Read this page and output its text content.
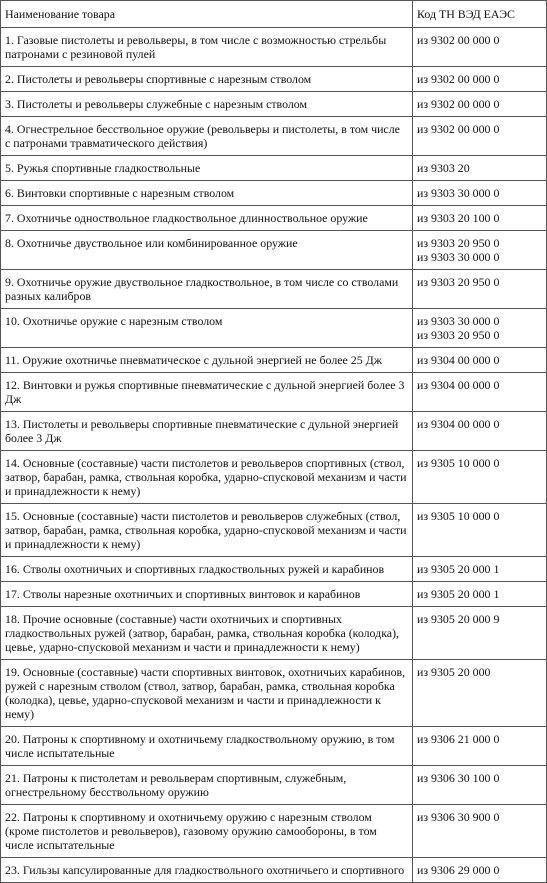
Наименование товара	Код ТН ВЭД ЕАЭС
1. Газовые пистолеты и револьверы, в том числе с возможностью стрельбы патронами с резиновой пулей	из 9302 00 000 0

2. Пистолеты и револьверы спортивные с нарезным стволом	из 9302 00 000 0

3. Пистолеты и револьверы служебные с нарезным стволом	из 9302 00 000 0

4. Огнестрельное бесствольное оружие (револьверы и пистолеты, в том числе с патронами травматического действия)	из 9302 00 000 0

5. Ружья спортивные гладкоствольные	из 9303 20

6. Винтовки спортивные с нарезным стволом	из 9303 30 000 0

7. Охотничье одноствольное гладкоствольное длинноствольное оружие	из 9303 20 100 0

8. Охотничье двуствольное или комбинированное оружие	из 9303 20 950 0
из 9303 30 000 0

9. Охотничье оружие двуствольное гладкоствольное, в том числе со стволами разных калибров	из 9303 20 950 0

10. Охотничье оружие с нарезным стволом	из 9303 30 000 0
из 9303 20 950 0

11. Оружие охотничье пневматическое с дульной энергией не более 25 Дж	из 9304 00 000 0

12. Винтовки и ружья спортивные пневматические с дульной энергией более 3 Дж	из 9304 00 000 0

13. Пистолеты и револьверы спортивные пневматические с дульной энергией более 3 Дж	из 9304 00 000 0

14. Основные (составные) части пистолетов и револьверов спортивных (ствол, затвор, барабан, рамка, ствольная коробка, ударно-спусковой механизм и части и принадлежности к нему)	из 9305 10 000 0

15. Основные (составные) части пистолетов и револьверов служебных (ствол, затвор, барабан, рамка, ствольная коробка, ударно-спусковой механизм и части и принадлежности к нему)	из 9305 10 000 0

16. Стволы охотничьих и спортивных гладкоствольных ружей и карабинов	из 9305 20 000 1

17. Стволы нарезные охотничьих и спортивных винтовок и карабинов	из 9305 20 000 1

18. Прочие основные (составные) части охотничьих и спортивных гладкоствольных ружей (затвор, барабан, рамка, ствольная коробка (колодка), цевье, ударно-спусковой механизм и части и принадлежности к нему)	из 9305 20 000 9

19. Основные (составные) части спортивных винтовок, охотничьих карабинов, ружей с нарезным стволом (ствол, затвор, барабан, рамка, ствольная коробка (колодка), цевье, ударно-спусковой механизм и части и принадлежности к нему)	из 9305 20 000

20. Патроны к спортивному и охотничьему гладкоствольному оружию, в том числе испытательные	из 9306 21 000 0

21. Патроны к пистолетам и револьверам спортивным, служебным, огнестрельному бесствольному оружию	из 9306 30 100 0

22. Патроны к спортивному и охотничьему оружию с нарезным стволом (кроме пистолетов и револьверов), газовому оружию самообороны, в том числе испытательные	из 9306 30 900 0

23. Гильзы капсулированные для гладкоствольного охотничьего и спортивного	из 9306 29 000 0
